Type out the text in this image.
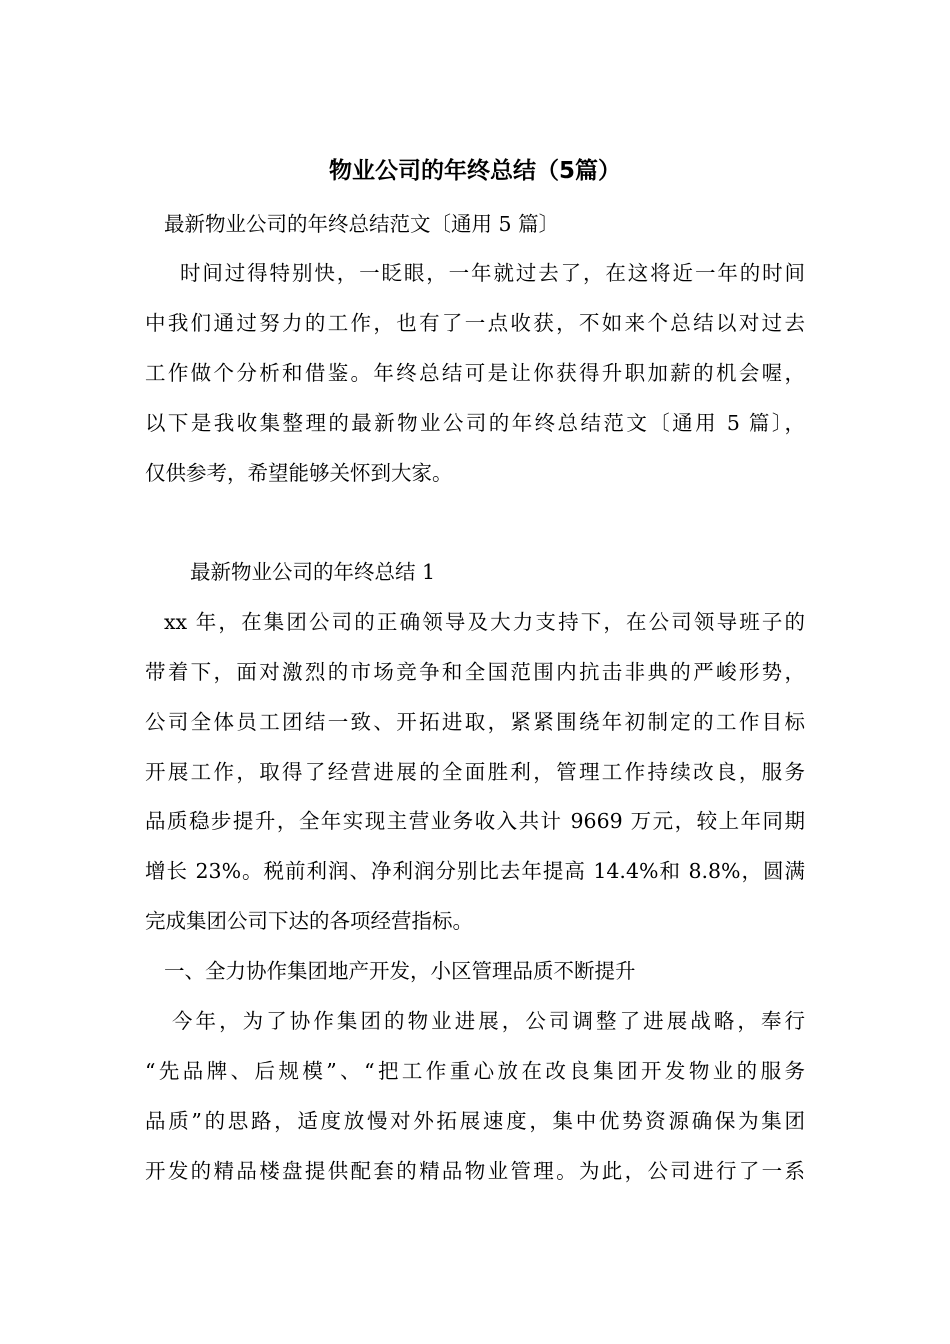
物业公司的年终总结（5篇）

最新物业公司的年终总结范文〔通用 5 篇〕

时间过得特别快，一眨眼，一年就过去了，在这将近一年的时间

中我们通过努力的工作，也有了一点收获，不如来个总结以对过去

工作做个分析和借鉴。年终总结可是让你获得升职加薪的机会喔，

以下是我收集整理的最新物业公司的年终总结范文〔通用 5 篇〕，

仅供参考，希望能够关怀到大家。

最新物业公司的年终总结 1

xx 年，在集团公司的正确领导及大力支持下，在公司领导班子的

带着下，面对激烈的市场竞争和全国范围内抗击非典的严峻形势，

公司全体员工团结一致、开拓进取，紧紧围绕年初制定的工作目标

开展工作，取得了经营进展的全面胜利，管理工作持续改良，服务

品质稳步提升，全年实现主营业务收入共计 9669 万元，较上年同期

增长 23%。税前利润、净利润分别比去年提高 14.4%和 8.8%，圆满

完成集团公司下达的各项经营指标。

一、全力协作集团地产开发，小区管理品质不断提升

今年，为了协作集团的物业进展，公司调整了进展战略，奉行

“先品牌、后规模”、“把工作重心放在改良集团开发物业的服务

品质”的思路，适度放慢对外拓展速度，集中优势资源确保为集团

开发的精品楼盘提供配套的精品物业管理。为此，公司进行了一系
